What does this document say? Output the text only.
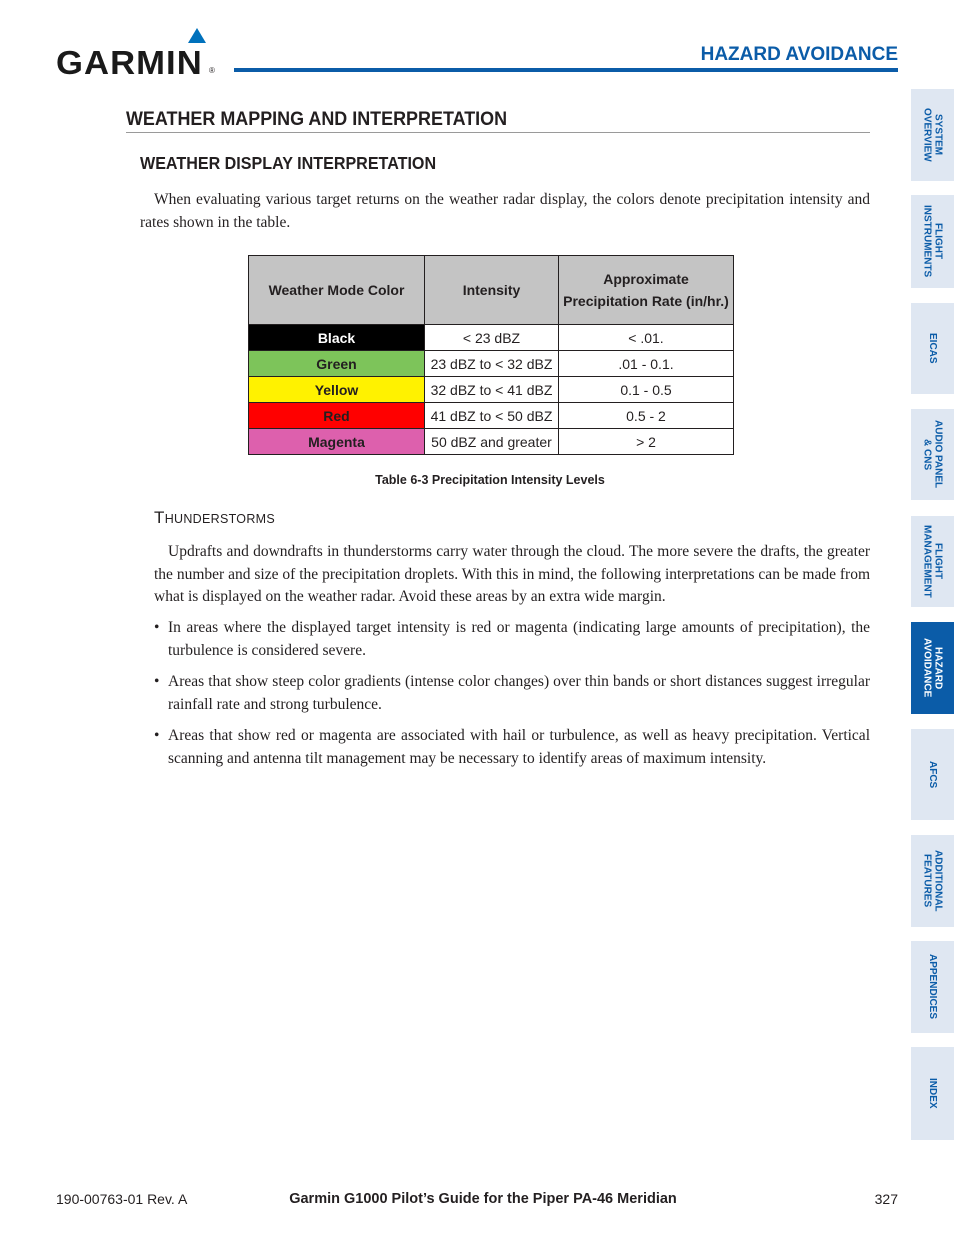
GARMIN ®
HAZARD AVOIDANCE
WEATHER MAPPING AND INTERPRETATION
WEATHER DISPLAY INTERPRETATION

When evaluating various target returns on the weather radar display, the colors denote precipitation intensity and rates shown in the table.

Weather Mode Color	Intensity	Approximate Precipitation Rate (in/hr.)
Black	< 23 dBZ	< .01.
Green	23 dBZ to < 32 dBZ	.01 - 0.1.
Yellow	32 dBZ to < 41 dBZ	0.1 - 0.5
Red	41 dBZ to < 50 dBZ	0.5 - 2
Magenta	50 dBZ and greater	> 2
Table 6-3 Precipitation Intensity Levels
THUNDERSTORMS

Updrafts and downdrafts in thunderstorms carry water through the cloud. The more severe the drafts, the greater the number and size of the precipitation droplets. With this in mind, the following interpretations can be made from what is displayed on the weather radar. Avoid these areas by an extra wide margin.

• In areas where the displayed target intensity is red or magenta (indicating large amounts of precipitation), the turbulence is considered severe.
• Areas that show steep color gradients (intense color changes) over thin bands or short distances suggest irregular rainfall rate and strong turbulence.
• Areas that show red or magenta are associated with hail or turbulence, as well as heavy precipitation. Vertical scanning and antenna tilt management may be necessary to identify areas of maximum intensity.
190-00763-01 Rev. A	Garmin G1000 Pilot’s Guide for the Piper PA-46 Meridian	327
SYSTEM
OVERVIEW
FLIGHT
INSTRUMENTS
EICAS
AUDIO PANEL
& CNS
FLIGHT
MANAGEMENT
HAZARD
AVOIDANCE
AFCS
ADDITIONAL
FEATURES
APPENDICES
INDEX
